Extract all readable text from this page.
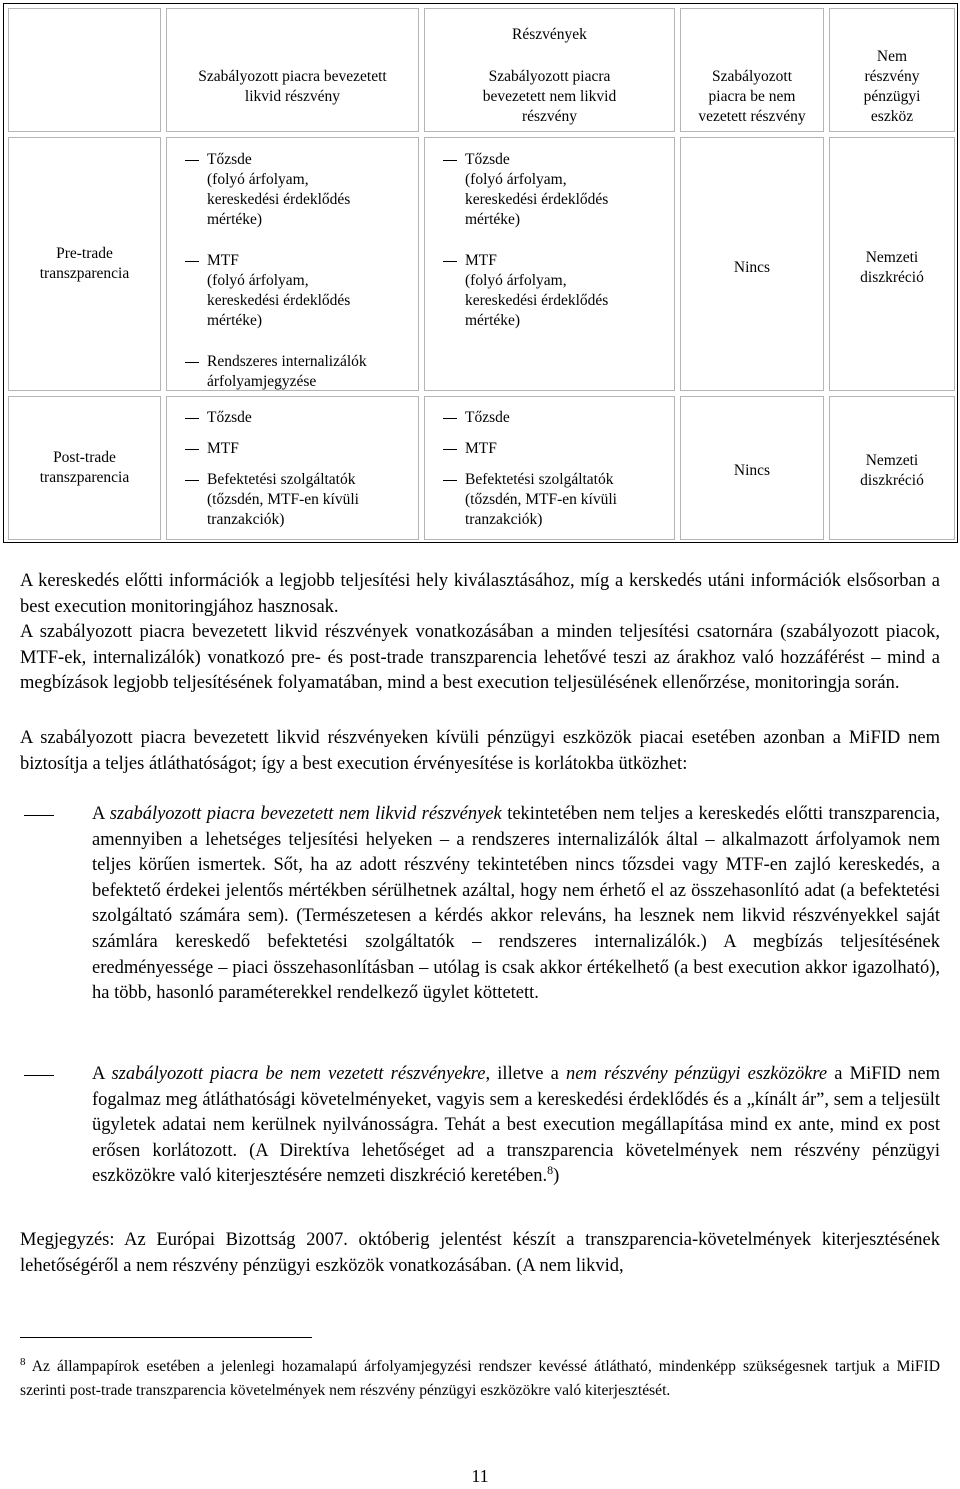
Szabályozott piacra bevezetett
likvid részvény
Részvények
Szabályozott piacra
bevezetett nem likvid
részvény
Szabályozott
piacra be nem
vezetett részvény

Nem
részvény
pénzügyi
eszköz

Pre-trade
transzparencia
Tőzsde
(folyó árfolyam,
kereskedési érdeklődés
mértéke)
MTF
(folyó árfolyam,
kereskedési érdeklődés
mértéke)
Rendszeres internalizálók
árfolyamjegyzése
Tőzsde
(folyó árfolyam,
kereskedési érdeklődés
mértéke)
MTF
(folyó árfolyam,
kereskedési érdeklődés
mértéke)
Nincs
Nemzeti
diszkréció
Post-trade
transzparencia
Tőzsde
MTF
Befektetési szolgáltatók
(tőzsdén, MTF-en kívüli
tranzakciók)
Tőzsde
MTF
Befektetési szolgáltatók
(tőzsdén, MTF-en kívüli
tranzakciók)
Nincs
Nemzeti
diszkréció
A kereskedés előtti információk a legjobb teljesítési hely kiválasztásához, míg a kerskedés utáni információk elsősorban a best execution monitoringjához hasznosak.
A szabályozott piacra bevezetett likvid részvények vonatkozásában a minden teljesítési csatornára (szabályozott piacok, MTF-ek, internalizálók) vonatkozó pre- és post-trade transzparencia lehetővé teszi az árakhoz való hozzáférést – mind a megbízások legjobb teljesítésének folyamatában, mind a best execution teljesülésének ellenőrzése, monitoringja során.
A szabályozott piacra bevezetett likvid részvényeken kívüli pénzügyi eszközök piacai esetében azonban a MiFID nem biztosítja a teljes átláthatóságot; így a best execution érvényesítése is korlátokba ütközhet:
A szabályozott piacra bevezetett nem likvid részvények tekintetében nem teljes a kereskedés előtti transzparencia, amennyiben a lehetséges teljesítési helyeken – a rendszeres internalizálók által – alkalmazott árfolyamok nem teljes körűen ismertek. Sőt, ha az adott részvény tekintetében nincs tőzsdei vagy MTF-en zajló kereskedés, a befektető érdekei jelentős mértékben sérülhetnek azáltal, hogy nem érhető el az összehasonlító adat (a befektetési szolgáltató számára sem). (Természetesen a kérdés akkor releváns, ha lesznek nem likvid részvényekkel saját számlára kereskedő befektetési szolgáltatók – rendszeres internalizálók.) A megbízás teljesítésének eredményessége – piaci összehasonlításban – utólag is csak akkor értékelhető (a best execution akkor igazolható), ha több, hasonló paraméterekkel rendelkező ügylet köttetett.
A szabályozott piacra be nem vezetett részvényekre, illetve a nem részvény pénzügyi eszközökre a MiFID nem fogalmaz meg átláthatósági követelményeket, vagyis sem a kereskedési érdeklődés és a „kínált ár”, sem a teljesült ügyletek adatai nem kerülnek nyilvánosságra. Tehát a best execution megállapítása mind ex ante, mind ex post erősen korlátozott. (A Direktíva lehetőséget ad a transzparencia követelmények nem részvény pénzügyi eszközökre való kiterjesztésére nemzeti diszkréció keretében.$^8$)
Megjegyzés: Az Európai Bizottság 2007. októberig jelentést készít a transzparencia-követelmények kiterjesztésének lehetőségéről a nem részvény pénzügyi eszközök vonatkozásában. (A nem likvid,
$^8$ Az állampapírok esetében a jelenlegi hozamalapú árfolyamjegyzési rendszer kevéssé átlátható, mindenképp szükségesnek tartjuk a MiFID szerinti post-trade transzparencia követelmények nem részvény pénzügyi eszközökre való kiterjesztését.
11
